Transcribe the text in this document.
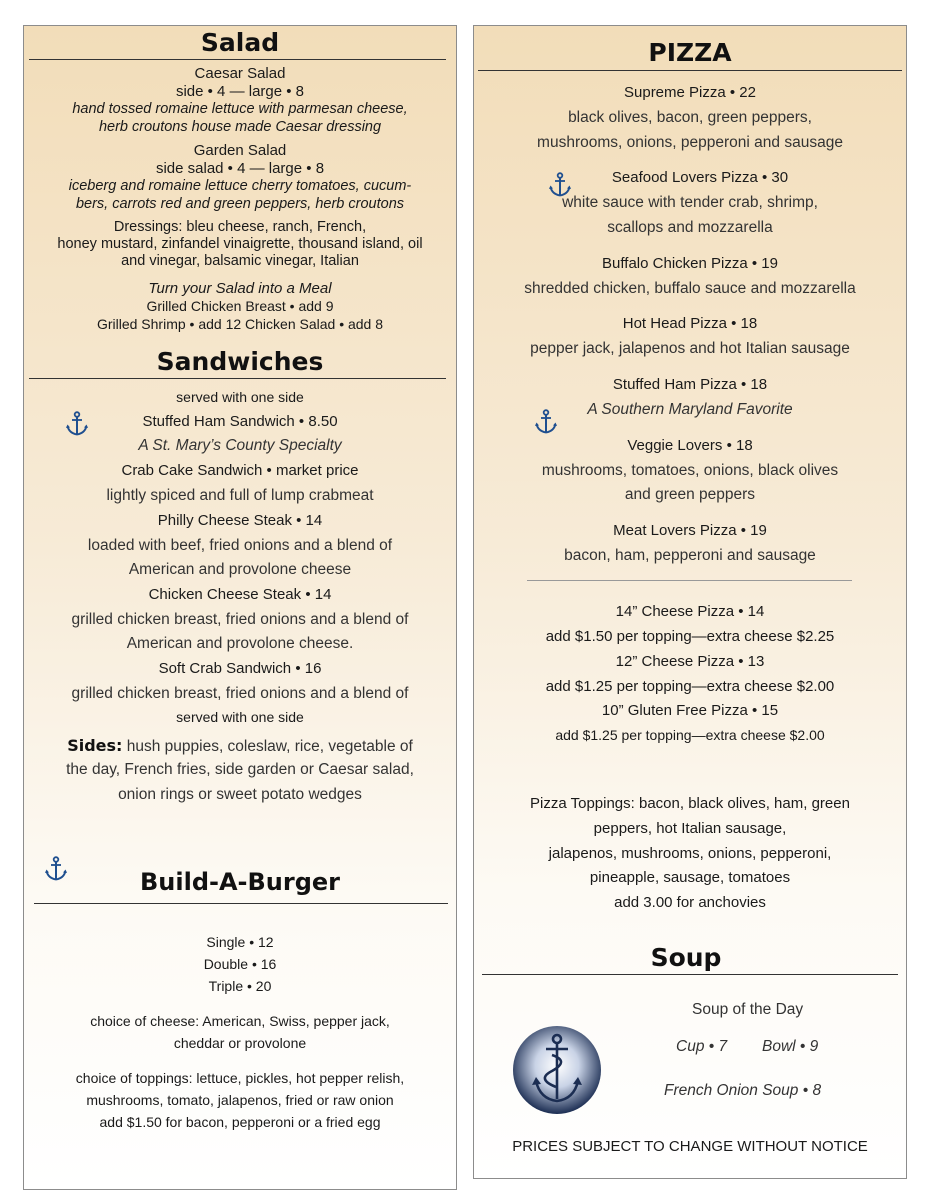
Salad
Caesar Salad
side • 4 — large • 8
hand tossed romaine lettuce with parmesan cheese,
herb croutons house made Caesar dressing
Garden Salad
side salad • 4 — large • 8
iceberg and romaine lettuce cherry tomatoes, cucum-
bers, carrots red and green peppers, herb croutons
Dressings: bleu cheese, ranch, French,
honey mustard, zinfandel vinaigrette, thousand island, oil
and vinegar, balsamic vinegar, Italian
Turn your Salad into a Meal
Grilled Chicken Breast • add 9
Grilled Shrimp • add 12 Chicken Salad • add 8
Sandwiches
served with one side
Stuffed Ham Sandwich • 8.50
A St. Mary’s County Specialty
Crab Cake Sandwich • market price
lightly spiced and full of lump crabmeat
Philly Cheese Steak • 14
loaded with beef, fried onions and a blend of
American and provolone cheese
Chicken Cheese Steak • 14
grilled chicken breast, fried onions and a blend of
American and provolone cheese.
Soft Crab Sandwich • 16
grilled chicken breast, fried onions and a blend of
served with one side
Sides: hush puppies, coleslaw, rice, vegetable of
the day, French fries, side garden or Caesar salad,
onion rings or sweet potato wedges
Build-A-Burger
Single • 12
Double • 16
Triple • 20
choice of cheese: American, Swiss, pepper jack,
cheddar or provolone
choice of toppings: lettuce, pickles, hot pepper relish,
mushrooms, tomato, jalapenos, fried or raw onion
add $1.50 for bacon, pepperoni or a fried egg
PIZZA
Supreme Pizza • 22
black olives, bacon, green peppers,
mushrooms, onions, pepperoni and sausage
Seafood Lovers Pizza • 30
white sauce with tender crab, shrimp,
scallops and mozzarella
Buffalo Chicken Pizza • 19
shredded chicken, buffalo sauce and mozzarella
Hot Head Pizza • 18
pepper jack, jalapenos and hot Italian sausage
Stuffed Ham Pizza • 18
A Southern Maryland Favorite
Veggie Lovers • 18
mushrooms, tomatoes, onions, black olives
and green peppers
Meat Lovers Pizza • 19
bacon, ham, pepperoni and sausage
14” Cheese Pizza • 14
add $1.50 per topping—extra cheese $2.25
12” Cheese Pizza • 13
add $1.25 per topping—extra cheese $2.00
10” Gluten Free Pizza • 15
add $1.25 per topping—extra cheese $2.00
Pizza Toppings: bacon, black olives, ham, green
peppers, hot Italian sausage,
jalapenos, mushrooms, onions, pepperoni,
pineapple, sausage, tomatoes
add 3.00 for anchovies
Soup
Soup of the Day
Cup • 7 Bowl • 9
French Onion Soup • 8
PRICES SUBJECT TO CHANGE WITHOUT NOTICE
